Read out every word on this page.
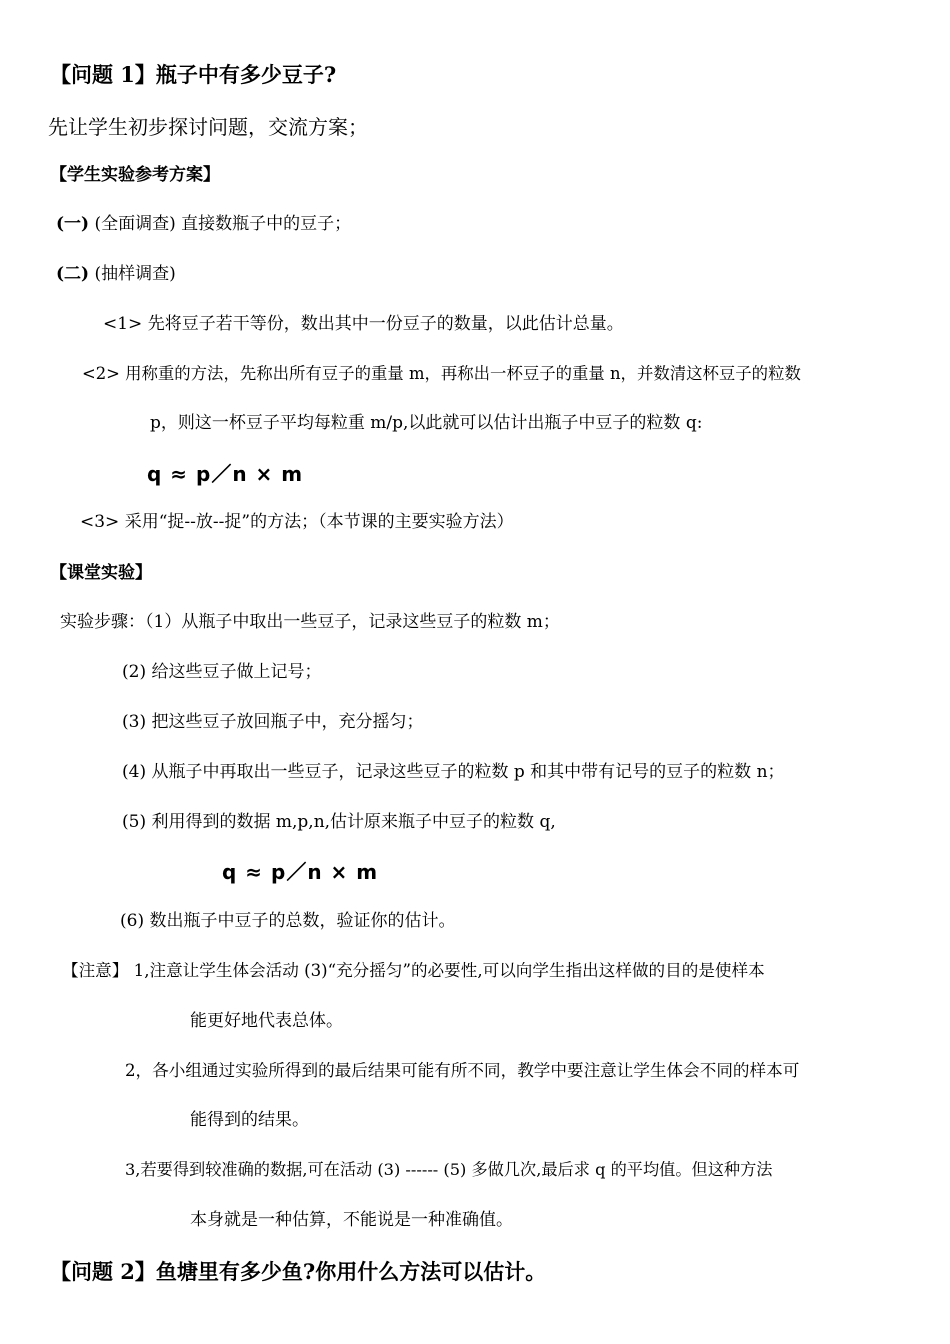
【问题 1】瓶子中有多少豆子?
先让学生初步探讨问题，交流方案；
【学生实验参考方案】
(一) (全面调查) 直接数瓶子中的豆子；
(二) (抽样调查)
<1> 先将豆子若干等份，数出其中一份豆子的数量，以此估计总量。
<2> 用称重的方法，先称出所有豆子的重量 m，再称出一杯豆子的重量 n，并数清这杯豆子的粒数
p，则这一杯豆子平均每粒重 m/p,以此就可以估计出瓶子中豆子的粒数 q:
q ≈ p／n × m
<3> 采用“捉--放--捉”的方法；（本节课的主要实验方法）
【课堂实验】
实验步骤：（1）从瓶子中取出一些豆子，记录这些豆子的粒数 m；
(2) 给这些豆子做上记号；
(3) 把这些豆子放回瓶子中，充分摇匀；
(4) 从瓶子中再取出一些豆子，记录这些豆子的粒数 p 和其中带有记号的豆子的粒数 n；
(5) 利用得到的数据 m,p,n,估计原来瓶子中豆子的粒数 q,
q ≈ p／n × m
(6) 数出瓶子中豆子的总数，验证你的估计。
【注意】 1,注意让学生体会活动 (3)“充分摇匀”的必要性,可以向学生指出这样做的目的是使样本
能更好地代表总体。
2，各小组通过实验所得到的最后结果可能有所不同，教学中要注意让学生体会不同的样本可
能得到的结果。
3,若要得到较准确的数据,可在活动 (3) ------ (5) 多做几次,最后求 q 的平均值。但这种方法
本身就是一种估算，不能说是一种准确值。
【问题 2】鱼塘里有多少鱼?你用什么方法可以估计。
